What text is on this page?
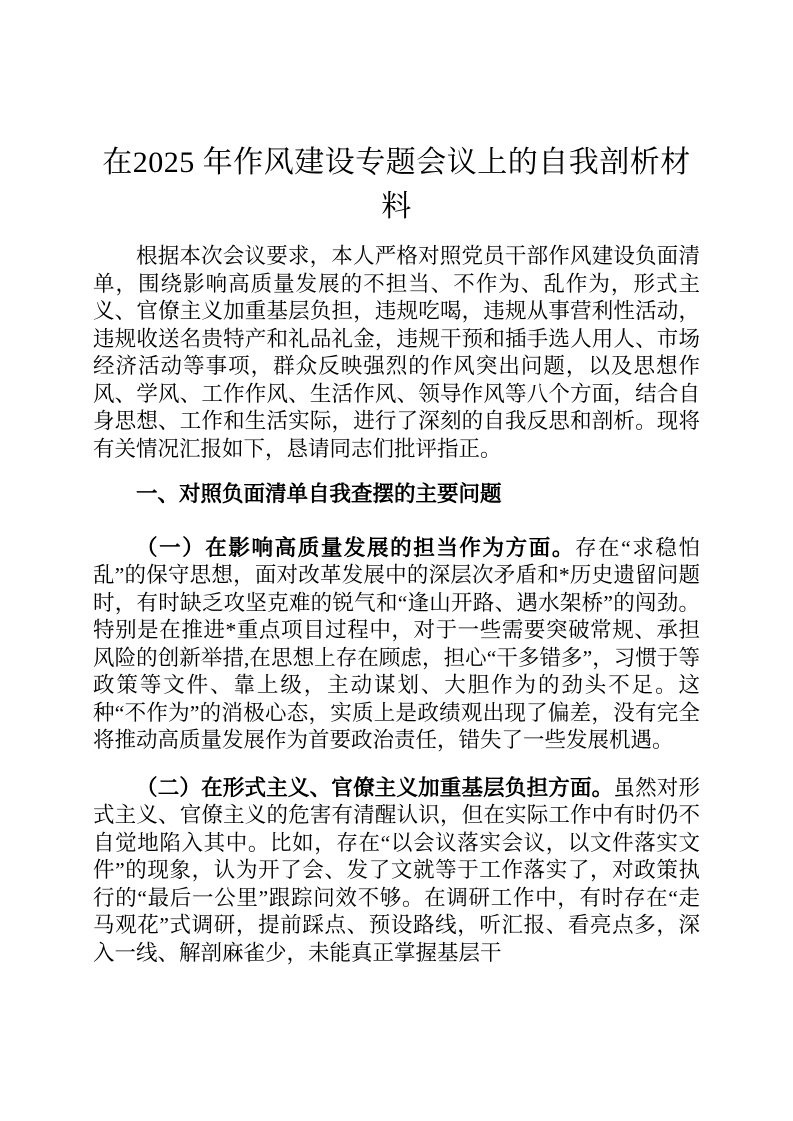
在2025 年作风建设专题会议上的自我剖析材料

根据本次会议要求，本人严格对照党员干部作风建设负面清单，围绕影响高质量发展的不担当、不作为、乱作为，形式主义、官僚主义加重基层负担，违规吃喝，违规从事营利性活动，违规收送名贵特产和礼品礼金，违规干预和插手选人用人、市场经济活动等事项，群众反映强烈的作风突出问题，以及思想作风、学风、工作作风、生活作风、领导作风等八个方面，结合自身思想、工作和生活实际，进行了深刻的自我反思和剖析。现将有关情况汇报如下，恳请同志们批评指正。

一、对照负面清单自我查摆的主要问题

（一）在影响高质量发展的担当作为方面。存在“求稳怕乱”的保守思想，面对改革发展中的深层次矛盾和*历史遗留问题时，有时缺乏攻坚克难的锐气和“逢山开路、遇水架桥”的闯劲。特别是在推进*重点项目过程中，对于一些需要突破常规、承担风险的创新举措,在思想上存在顾虑，担心“干多错多”，习惯于等政策等文件、靠上级，主动谋划、大胆作为的劲头不足。这种“不作为”的消极心态，实质上是政绩观出现了偏差，没有完全将推动高质量发展作为首要政治责任，错失了一些发展机遇。

（二）在形式主义、官僚主义加重基层负担方面。虽然对形式主义、官僚主义的危害有清醒认识，但在实际工作中有时仍不自觉地陷入其中。比如，存在“以会议落实会议，以文件落实文件”的现象，认为开了会、发了文就等于工作落实了，对政策执行的“最后一公里”跟踪问效不够。在调研工作中，有时存在“走马观花”式调研，提前踩点、预设路线，听汇报、看亮点多，深入一线、解剖麻雀少，未能真正掌握基层干
